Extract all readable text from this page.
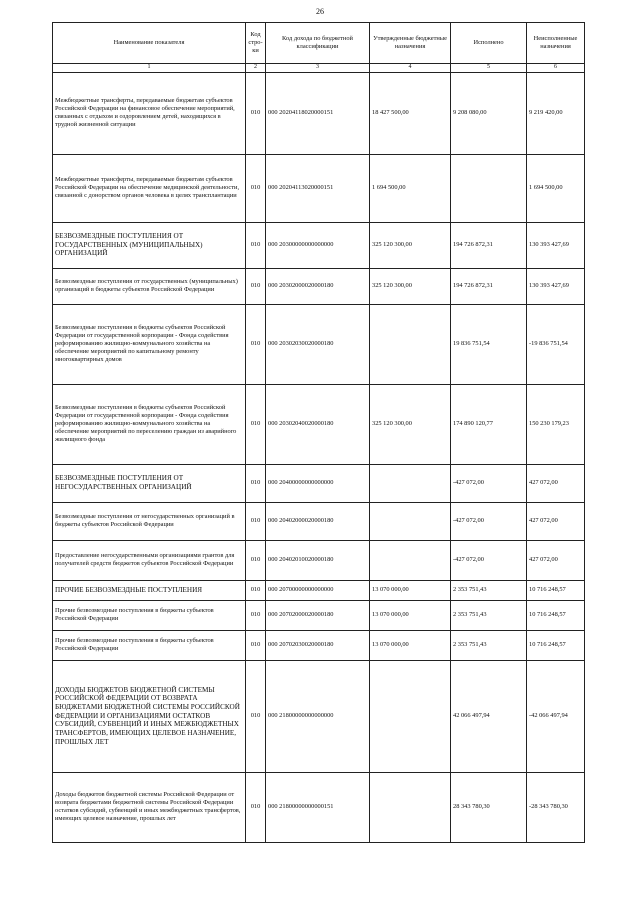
26
Наименование показателя	Код стро-ки	Код дохода по бюджетной классификации	Утвержденные бюджетные назначения	Исполнено	Неисполненные назначения
1	2	3	4	5	6
Межбюджетные трансферты, передаваемые бюджетам субъектов Российской Федерации на финансовое обеспечение мероприятий, связанных с отдыхом и оздоровлением детей, находящихся в трудной жизненной ситуации	010	000 20204118020000151	18 427 500,00	9 208 080,00	9 219 420,00
Межбюджетные трансферты, передаваемые бюджетам субъектов Российской Федерации на обеспечение медицинской деятельности, связанной с донорством органов человека в целях трансплантации	010	000 20204113020000151	1 694 500,00		1 694 500,00
БЕЗВОЗМЕЗДНЫЕ ПОСТУПЛЕНИЯ ОТ ГОСУДАРСТВЕННЫХ (МУНИЦИПАЛЬНЫХ) ОРГАНИЗАЦИЙ	010	000 20300000000000000	325 120 300,00	194 726 872,31	130 393 427,69
Безвозмездные поступления от государственных (муниципальных) организаций в бюджеты субъектов Российской Федерации	010	000 20302000020000180	325 120 300,00	194 726 872,31	130 393 427,69
Безвозмездные поступления в бюджеты субъектов Российской Федерации от государственной корпорации - Фонда содействия реформированию жилищно-коммунального хозяйства на обеспечение мероприятий по капитальному ремонту многоквартирных домов	010	000 20302030020000180		19 836 751,54	-19 836 751,54
Безвозмездные поступления в бюджеты субъектов Российской Федерации от государственной корпорации - Фонда содействия реформированию жилищно-коммунального хозяйства на обеспечение мероприятий по переселению граждан из аварийного жилищного фонда	010	000 20302040020000180	325 120 300,00	174 890 120,77	150 230 179,23
БЕЗВОЗМЕЗДНЫЕ ПОСТУПЛЕНИЯ ОТ НЕГОСУДАРСТВЕННЫХ ОРГАНИЗАЦИЙ	010	000 20400000000000000		-427 072,00	427 072,00
Безвозмездные поступления от негосударственных организаций в бюджеты субъектов Российской Федерации	010	000 20402000020000180		-427 072,00	427 072,00
Предоставление негосударственными организациями грантов для получателей средств бюджетов субъектов Российской Федерации	010	000 20402010020000180		-427 072,00	427 072,00
ПРОЧИЕ БЕЗВОЗМЕЗДНЫЕ ПОСТУПЛЕНИЯ	010	000 20700000000000000	13 070 000,00	2 353 751,43	10 716 248,57
Прочие безвозмездные поступления в бюджеты субъектов Российской Федерации	010	000 20702000020000180	13 070 000,00	2 353 751,43	10 716 248,57
Прочие безвозмездные поступления в бюджеты субъектов Российской Федерации	010	000 20702030020000180	13 070 000,00	2 353 751,43	10 716 248,57
ДОХОДЫ БЮДЖЕТОВ БЮДЖЕТНОЙ СИСТЕМЫ РОССИЙСКОЙ ФЕДЕРАЦИИ ОТ ВОЗВРАТА БЮДЖЕТАМИ БЮДЖЕТНОЙ СИСТЕМЫ РОССИЙСКОЙ ФЕДЕРАЦИИ И ОРГАНИЗАЦИЯМИ ОСТАТКОВ СУБСИДИЙ, СУБВЕНЦИЙ И ИНЫХ МЕЖБЮДЖЕТНЫХ ТРАНСФЕРТОВ, ИМЕЮЩИХ ЦЕЛЕВОЕ НАЗНАЧЕНИЕ, ПРОШЛЫХ ЛЕТ	010	000 21800000000000000		42 066 497,94	-42 066 497,94
Доходы бюджетов бюджетной системы Российской Федерации от возврата бюджетами бюджетной системы Российской Федерации остатков субсидий, субвенций и иных межбюджетных трансфертов, имеющих целевое назначение, прошлых лет	010	000 21800000000000151		28 343 780,30	-28 343 780,30
